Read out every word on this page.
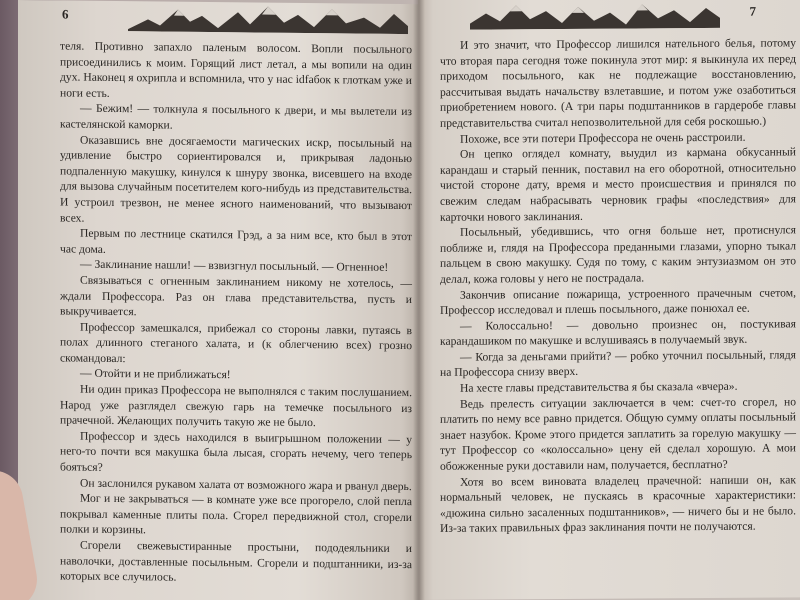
6

теля. Противно запахло паленым волосом. Вопли посыльного присоединились к моим. Горящий лист летал, а мы вопили на один дух. Наконец я охрипла и вспомнила, что у нас idfaбoк к глоткам уже и ноги есть.

— Бежим! — толкнула я посыльного к двери, и мы вылетели из кастелянской каморки.

Оказавшись вне досягаемости магических искр, посыльный на удивление быстро сориентировался и, прикрывая ладонью подпаленную макушку, кинулся к шнуру звонка, висевшего на входе для вызова случайным посетителем кого-нибудь из представительства. И устроил трезвон, не менее ясного наименований, что вызывают всех.

Первым по лестнице скатился Грэд, а за ним все, кто был в этот час дома.

— Заклинание нашли! — взвизгнул посыльный. — Огненное!

Связываться с огненным заклинанием никому не хотелось, — ждали Профессора. Раз он глава представительства, пусть и выкручивается.

Профессор замешкался, прибежал со стороны лавки, путаясь в полах длинного стеганого халата, и (к облегчению всех) грозно скомандовал:

— Отойти и не приближаться!

Ни один приказ Профессора не выполнялся с таким послушанием. Народ уже разглядел свежую гарь на темечке посыльного из прачечной. Желающих получить такую же не было.

Профессор и здесь находился в выигрышном положении — у него-то почти вся макушка была лысая, сгорать нечему, чего теперь бояться?

Он заслонился рукавом халата от возможного жара и рванул дверь.

Мог и не закрываться — в комнате уже все прогорело, слой пепла покрывал каменные плиты пола. Сгорел передвижной стол, сгорели полки и корзины.

Сгорели свежевыстиранные простыни, пододеяльники и наволочки, доставленные посыльным. Сгорели и подштанники, из-за которых все случилось.

7

И это значит, что Профессор лишился нательного белья, потому что вторая пара сегодня тоже покинула этот мир: я выкинула их перед приходом посыльного, как не подлежащие восстановлению, рассчитывая выдать начальству взлетавшие, и потом уже озаботиться приобретением нового. (А три пары подштанников в гардеробе главы представительства считал непозволительной для себя роскошью.)

Похоже, все эти потери Профессора не очень расстроили.

Он цепко оглядел комнату, выудил из кармана обкусанный карандаш и старый пенник, поставил на его оборотной, относительно чистой стороне дату, время и место происшествия и принялся по свежим следам набрасывать черновик графы «последствия» для карточки нового заклинания.

Посыльный, убедившись, что огня больше нет, протиснулся поближе и, глядя на Профессора преданными глазами, упорно тыкал пальцем в свою макушку. Судя по тому, с каким энтузиазмом он это делал, кожа головы у него не пострадала.

Закончив описание пожарища, устроенного прачечным счетом, Профессор исследовал и плешь посыльного, даже понюхал ее.

— Колоссально! — довольно произнес он, постукивая карандашиком по макушке и вслушиваясь в получаемый звук.

— Когда за деньгами прийти? — робко уточнил посыльный, глядя на Профессора снизу вверх.

На хесте главы представительства я бы сказала «вчера».

Ведь прелесть ситуации заключается в чем: счет-то сгорел, но платить по нему все равно придется. Общую сумму оплаты посыльный знает назубок. Кроме этого придется заплатить за горелую макушку — тут Профессор со «колоссально» цену ей сделал хорошую. А мои обожженные руки доставили нам, получается, бесплатно?

Хотя во всем виновата владелец прачечной: напиши он, как нормальный человек, не пускаясь в красочные характеристики: «дюжина сильно засаленных подштанников», — ничего бы и не было. Из-за таких правильных фраз заклинания почти не получаются.
